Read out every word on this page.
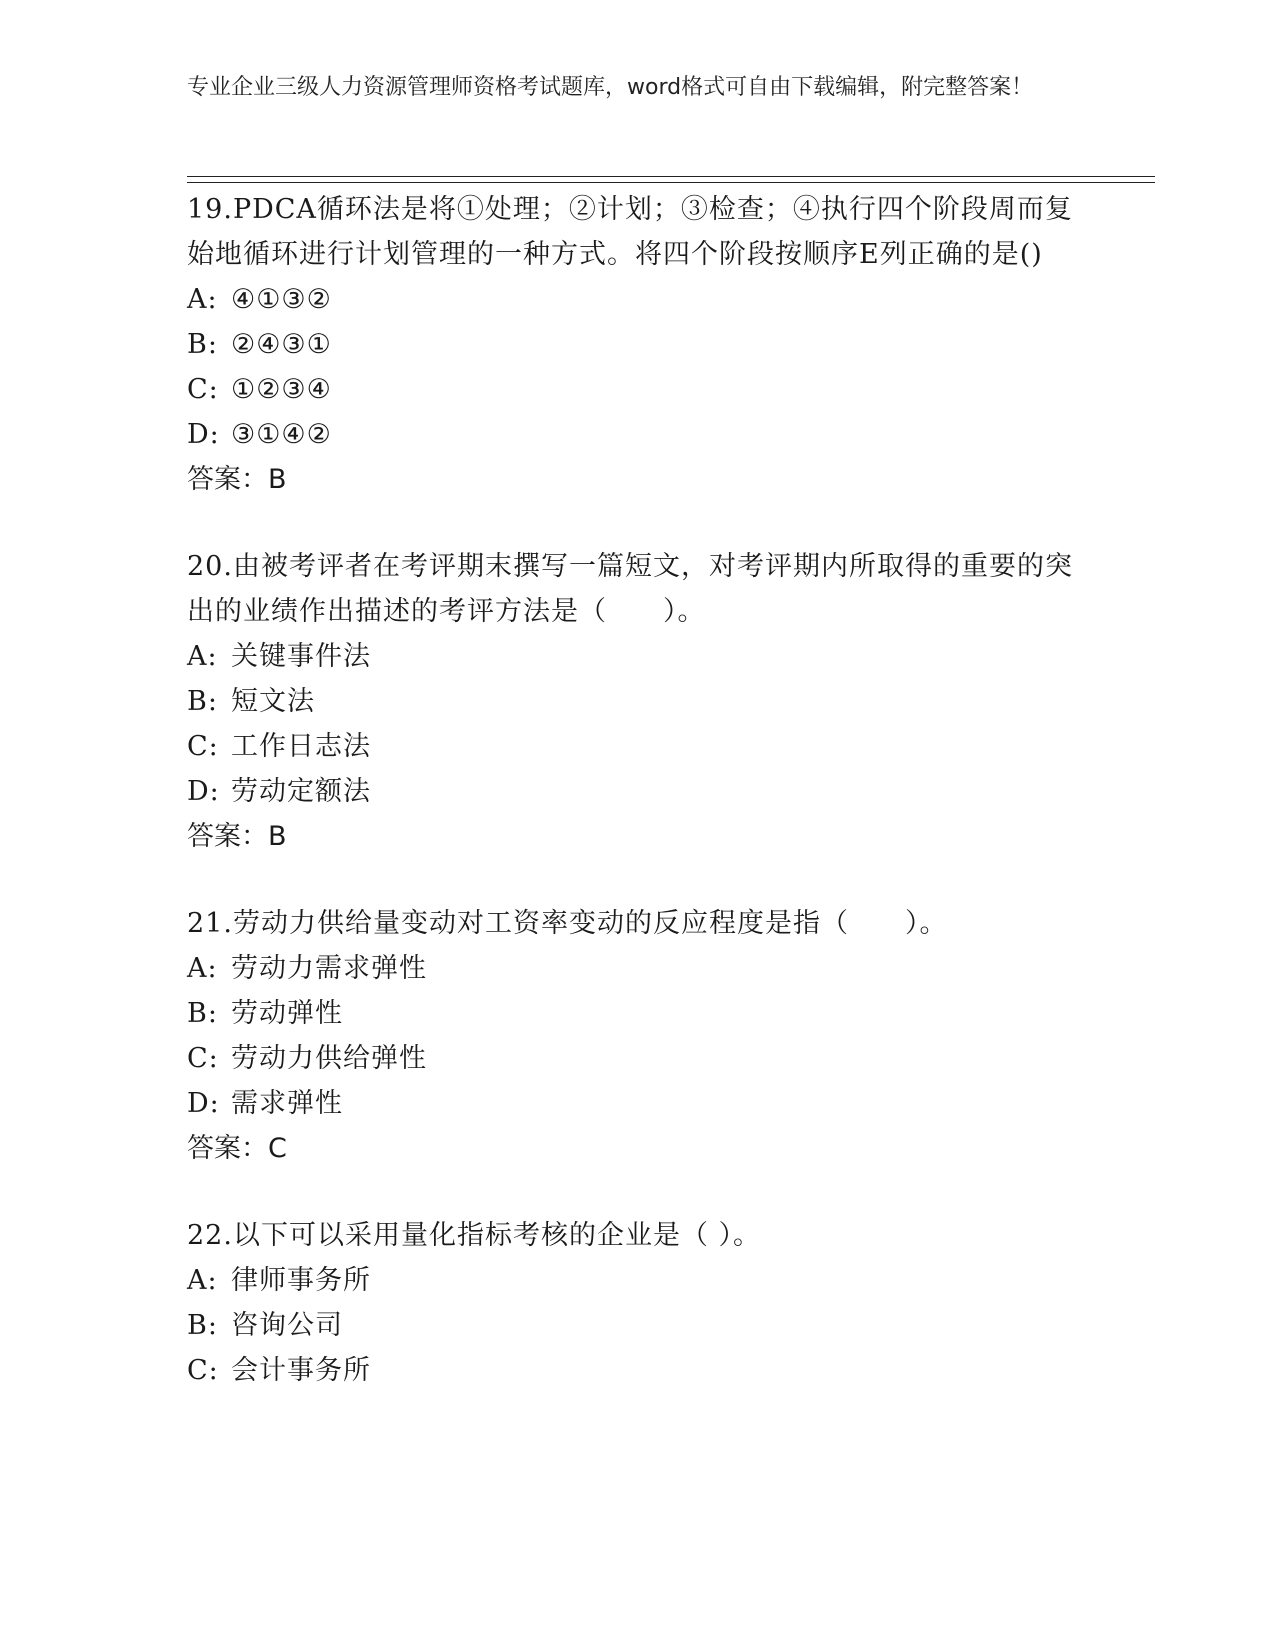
专业企业三级人力资源管理师资格考试题库，word格式可自由下载编辑，附完整答案！

19.PDCA循环法是将①处理；②计划；③检查；④执行四个阶段周而复始地循环进行计划管理的一种方式。将四个阶段按顺序E列正确的是()

A: ④①③②

B: ②④③①

C: ①②③④

D: ③①④②

答案：B

20.由被考评者在考评期末撰写一篇短文，对考评期内所取得的重要的突出的业绩作出描述的考评方法是（　　）。

A: 关键事件法

B: 短文法

C: 工作日志法

D: 劳动定额法

答案：B

21.劳动力供给量变动对工资率变动的反应程度是指（　　）。

A: 劳动力需求弹性

B: 劳动弹性

C: 劳动力供给弹性

D: 需求弹性

答案：C

22.以下可以采用量化指标考核的企业是（ ）。

A: 律师事务所

B: 咨询公司

C: 会计事务所
